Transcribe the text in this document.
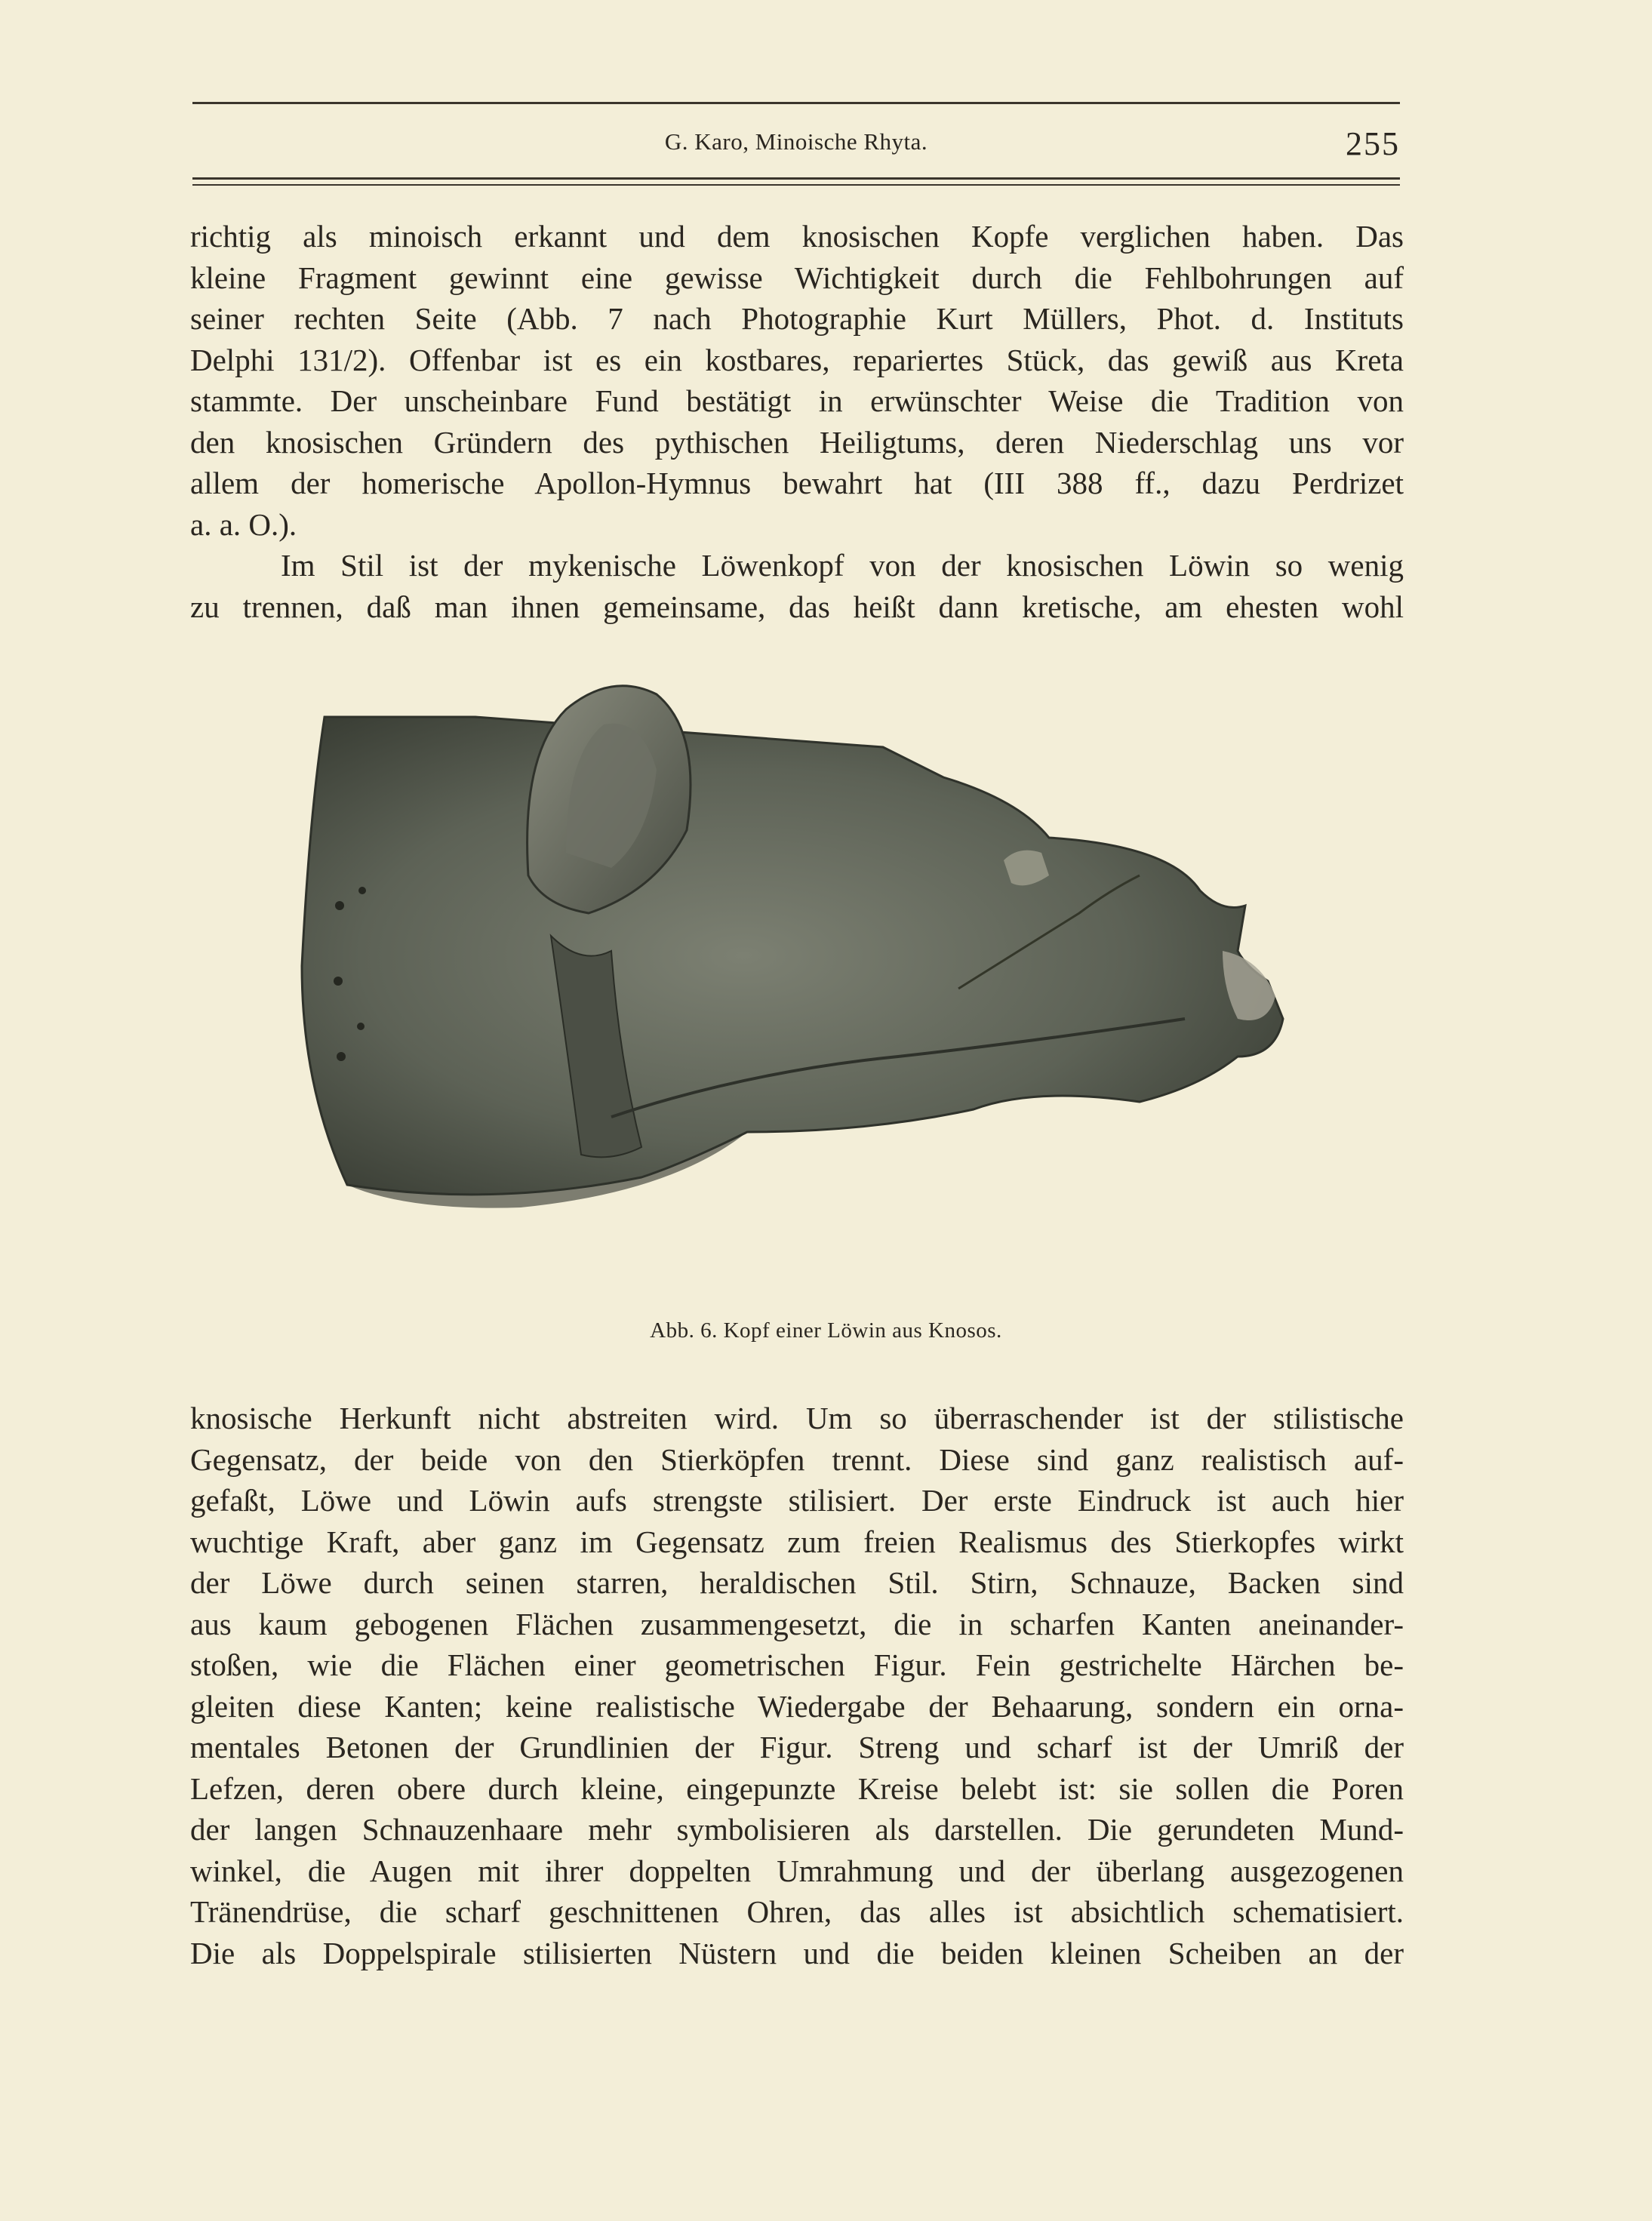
G. Karo, Minoische Rhyta.	255

richtig als minoisch erkannt und dem knosischen Kopfe verglichen haben. Das
kleine Fragment gewinnt eine gewisse Wichtigkeit durch die Fehlbohrungen auf
seiner rechten Seite (Abb. 7 nach Photographie Kurt Müllers, Phot. d. Instituts
Delphi 131/2). Offenbar ist es ein kostbares, repariertes Stück, das gewiß aus Kreta
stammte. Der unscheinbare Fund bestätigt in erwünschter Weise die Tradition von
den knosischen Gründern des pythischen Heiligtums, deren Niederschlag uns vor
allem der homerische Apollon-Hymnus bewahrt hat (III 388 ff., dazu Perdrizet
a. a. O.).

Im Stil ist der mykenische Löwenkopf von der knosischen Löwin so wenig
zu trennen, daß man ihnen gemeinsame, das heißt dann kretische, am ehesten wohl

Abb. 6. Kopf einer Löwin aus Knosos.

knosische Herkunft nicht abstreiten wird. Um so überraschender ist der stilistische
Gegensatz, der beide von den Stierköpfen trennt. Diese sind ganz realistisch auf-
gefaßt, Löwe und Löwin aufs strengste stilisiert. Der erste Eindruck ist auch hier
wuchtige Kraft, aber ganz im Gegensatz zum freien Realismus des Stierkopfes wirkt
der Löwe durch seinen starren, heraldischen Stil. Stirn, Schnauze, Backen sind
aus kaum gebogenen Flächen zusammengesetzt, die in scharfen Kanten aneinander-
stoßen, wie die Flächen einer geometrischen Figur. Fein gestrichelte Härchen be-
gleiten diese Kanten; keine realistische Wiedergabe der Behaarung, sondern ein orna-
mentales Betonen der Grundlinien der Figur. Streng und scharf ist der Umriß der
Lefzen, deren obere durch kleine, eingepunzte Kreise belebt ist: sie sollen die Poren
der langen Schnauzenhaare mehr symbolisieren als darstellen. Die gerundeten Mund-
winkel, die Augen mit ihrer doppelten Umrahmung und der überlang ausgezogenen
Tränendrüse, die scharf geschnittenen Ohren, das alles ist absichtlich schematisiert.
Die als Doppelspirale stilisierten Nüstern und die beiden kleinen Scheiben an der
